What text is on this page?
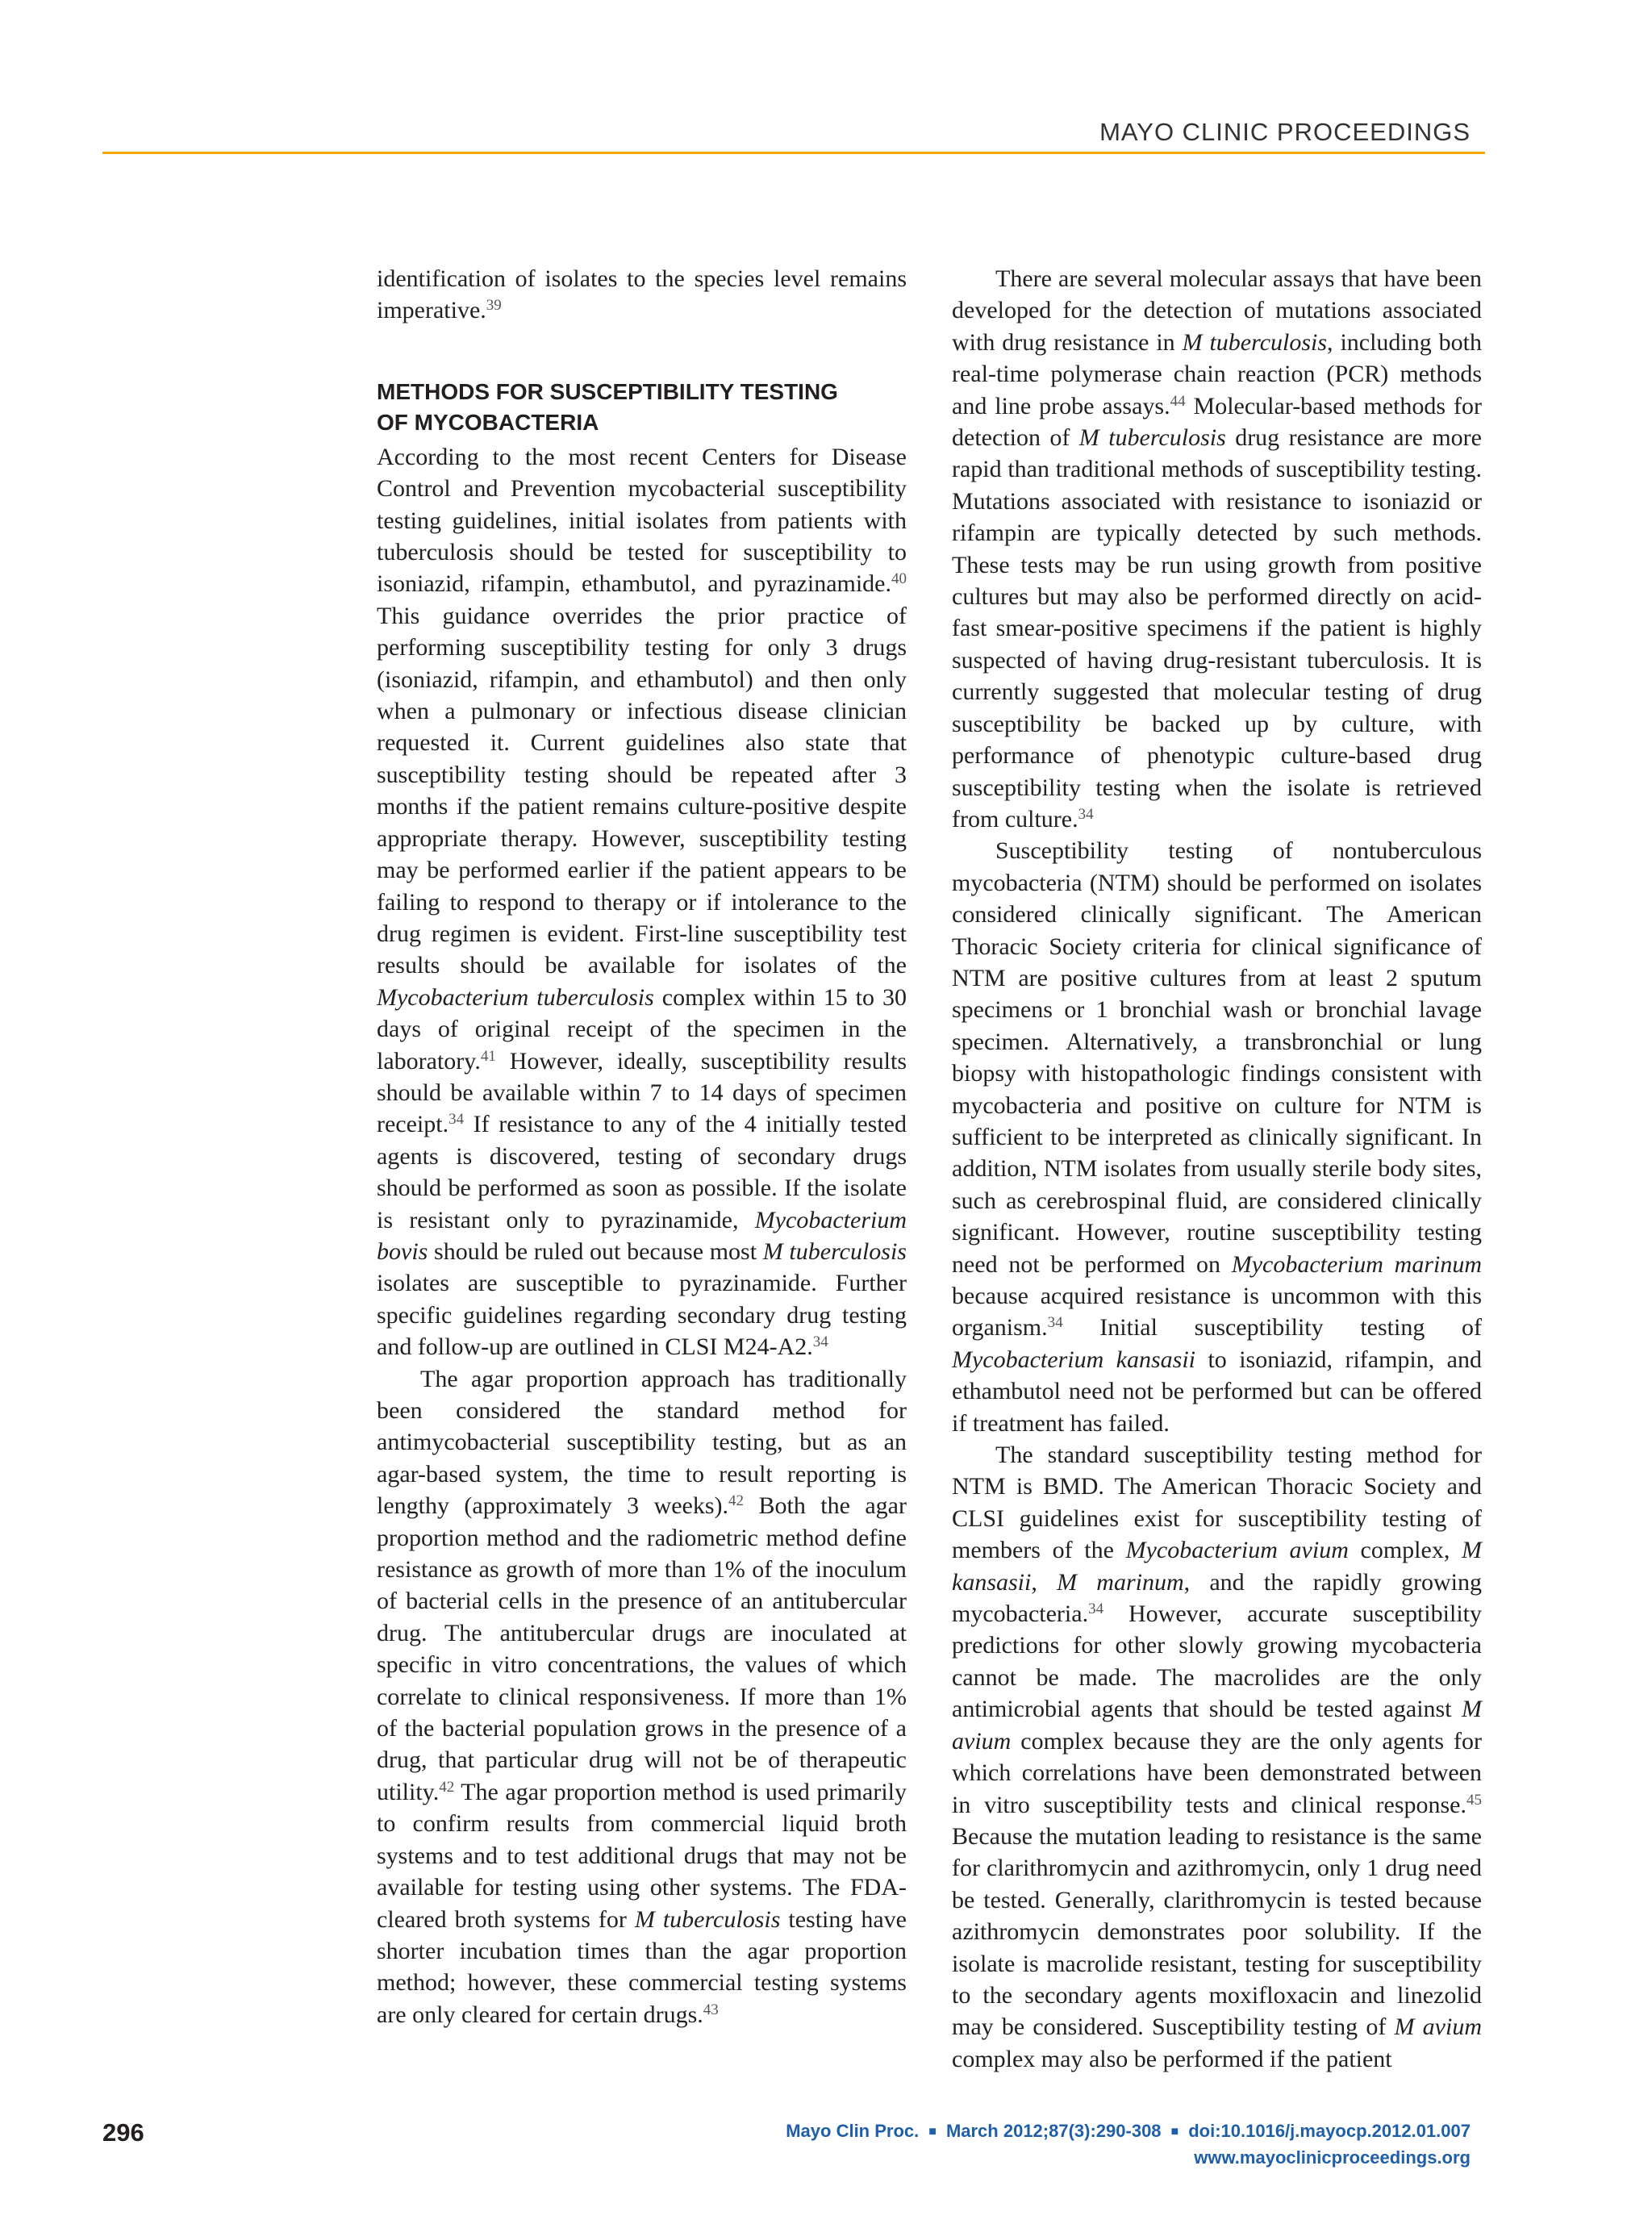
MAYO CLINIC PROCEEDINGS

identification of isolates to the species level remains imperative.$^{39}$

METHODS FOR SUSCEPTIBILITY TESTING
OF MYCOBACTERIA

According to the most recent Centers for Disease Control and Prevention mycobacterial susceptibility testing guidelines, initial isolates from patients with tuberculosis should be tested for susceptibility to isoniazid, rifampin, ethambutol, and pyrazinamide.$^{40}$ This guidance overrides the prior practice of performing susceptibility testing for only 3 drugs (isoniazid, rifampin, and ethambutol) and then only when a pulmonary or infectious disease clinician requested it. Current guidelines also state that susceptibility testing should be repeated after 3 months if the patient remains culture-positive despite appropriate therapy. However, susceptibility testing may be performed earlier if the patient appears to be failing to respond to therapy or if intolerance to the drug regimen is evident. First-line susceptibility test results should be available for isolates of the Mycobacterium tuberculosis complex within 15 to 30 days of original receipt of the specimen in the laboratory.$^{41}$ However, ideally, susceptibility results should be available within 7 to 14 days of specimen receipt.$^{34}$ If resistance to any of the 4 initially tested agents is discovered, testing of secondary drugs should be performed as soon as possible. If the isolate is resistant only to pyrazinamide, Mycobacterium bovis should be ruled out because most M tuberculosis isolates are susceptible to pyrazinamide. Further specific guidelines regarding secondary drug testing and follow-up are outlined in CLSI M24-A2.34

The agar proportion approach has traditionally been considered the standard method for antimycobacterial susceptibility testing, but as an agar-based system, the time to result reporting is lengthy (approximately 3 weeks).$^{42}$ Both the agar proportion method and the radiometric method define resistance as growth of more than 1% of the inoculum of bacterial cells in the presence of an antitubercular drug. The antitubercular drugs are inoculated at specific in vitro concentrations, the values of which correlate to clinical responsiveness. If more than 1% of the bacterial population grows in the presence of a drug, that particular drug will not be of therapeutic utility.$^{42}$ The agar proportion method is used primarily to confirm results from commercial liquid broth systems and to test additional drugs that may not be available for testing using other systems. The FDA-cleared broth systems for M tuberculosis testing have shorter incubation times than the agar proportion method; however, these commercial testing systems are only cleared for certain drugs.$^{43}$

There are several molecular assays that have been developed for the detection of mutations associated with drug resistance in M tuberculosis, including both real-time polymerase chain reaction (PCR) methods and line probe assays.$^{44}$ Molecular-based methods for detection of M tuberculosis drug resistance are more rapid than traditional methods of susceptibility testing. Mutations associated with resistance to isoniazid or rifampin are typically detected by such methods. These tests may be run using growth from positive cultures but may also be performed directly on acid-fast smear-positive specimens if the patient is highly suspected of having drug-resistant tuberculosis. It is currently suggested that molecular testing of drug susceptibility be backed up by culture, with performance of phenotypic culture-based drug susceptibility testing when the isolate is retrieved from culture.$^{34}$

Susceptibility testing of nontuberculous mycobacteria (NTM) should be performed on isolates considered clinically significant. The American Thoracic Society criteria for clinical significance of NTM are positive cultures from at least 2 sputum specimens or 1 bronchial wash or bronchial lavage specimen. Alternatively, a transbronchial or lung biopsy with histopathologic findings consistent with mycobacteria and positive on culture for NTM is sufficient to be interpreted as clinically significant. In addition, NTM isolates from usually sterile body sites, such as cerebrospinal fluid, are considered clinically significant. However, routine susceptibility testing need not be performed on Mycobacterium marinum because acquired resistance is uncommon with this organism.$^{34}$ Initial susceptibility testing of Mycobacterium kansasii to isoniazid, rifampin, and ethambutol need not be performed but can be offered if treatment has failed.

The standard susceptibility testing method for NTM is BMD. The American Thoracic Society and CLSI guidelines exist for susceptibility testing of members of the Mycobacterium avium complex, M kansasii, M marinum, and the rapidly growing mycobacteria.$^{34}$ However, accurate susceptibility predictions for other slowly growing mycobacteria cannot be made. The macrolides are the only antimicrobial agents that should be tested against M avium complex because they are the only agents for which correlations have been demonstrated between in vitro susceptibility tests and clinical response.$^{45}$ Because the mutation leading to resistance is the same for clarithromycin and azithromycin, only 1 drug need be tested. Generally, clarithromycin is tested because azithromycin demonstrates poor solubility. If the isolate is macrolide resistant, testing for susceptibility to the secondary agents moxifloxacin and linezolid may be considered. Susceptibility testing of M avium complex may also be performed if the patient

296	Mayo Clin Proc. ■ March 2012;87(3):290-308 ■ doi:10.1016/j.mayocp.2012.01.007
www.mayoclinicproceedings.org
